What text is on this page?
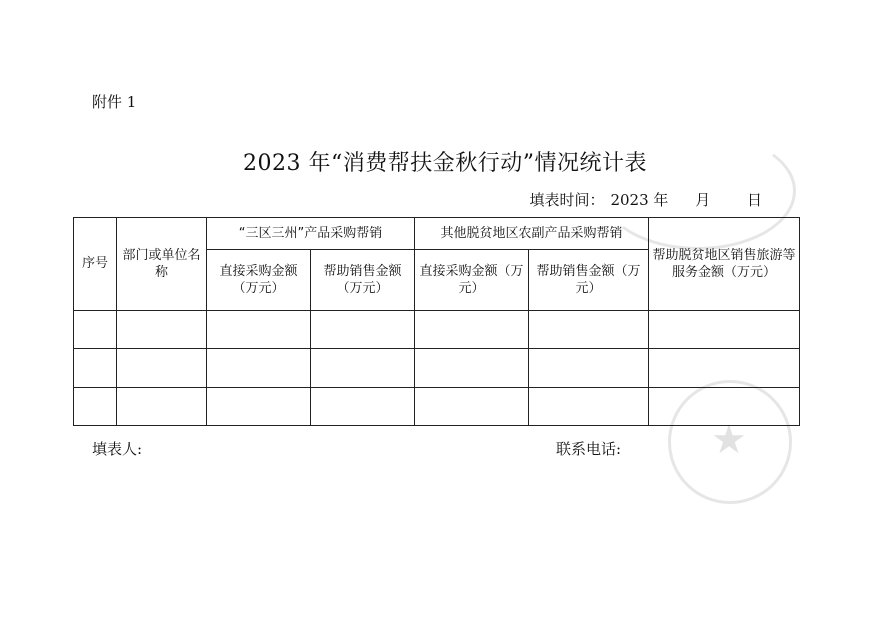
★
附件 1
2023 年“消费帮扶金秋行动”情况统计表
填表时间： 2023 年 月 日
序号	部门或单位名称	“三区三州”产品采购帮销		其他脱贫地区农副产品采购帮销		帮助脱贫地区销售旅游等服务金额（万元）
		直接采购金额（万元）	帮助销售金额（万元）	直接采购金额（万元）	帮助销售金额（万元）	

填表人:	联系电话:
